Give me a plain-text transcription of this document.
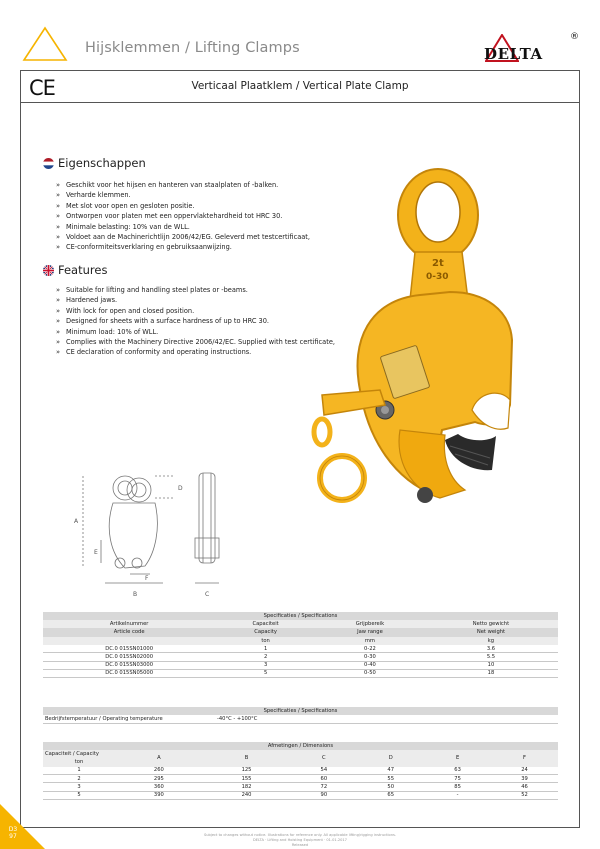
Hijsklemmen / Lifting Clamps	DELTA
®
CE	Verticaal Plaatklem / Vertical Plate Clamp
Eigenschappen
» Geschikt voor het hijsen en hanteren van staalplaten of -balken.
» Verharde klemmen.
» Met slot voor open en gesloten positie.
» Ontworpen voor platen met een oppervlaktehardheid tot HRC 30.
» Minimale belasting: 10% van de WLL.
» Voldoet aan de Machinerichtlijn 2006/42/EG. Geleverd met testcertificaat,
» CE-conformiteitsverklaring en gebruiksaanwijzing.
Features
» Suitable for lifting and handling steel plates or -beams.
» Hardened jaws.
» With lock for open and closed position.
» Designed for sheets with a surface hardness of up to HRC 30.
» Minimum load: 10% of WLL.
» Complies with the Machinery Directive 2006/42/EC. Supplied with test certificate,
» CE declaration of conformity and operating instructions.
2t
0-30
A
B	C
D
E
F
Specificaties / Specifications			
Artikelnummer	Capaciteit	Grijpbereik	Netto gewicht
Article code	Capacity	Jaw range	Net weight
	ton	mm	kg
DC.0 015SN01000	1	0-22	3.6
DC.0 015SN02000	2	0-30	5.5
DC.0 015SN03000	3	0-40	10
DC.0 015SN05000	5	0-50	18
Specificaties / Specifications
Bedrijfstemperatuur / Operating temperature	-40°C - +100°C	
Afmetingen / Dimensions						
Capaciteit / Capacity	A	B	C	D	E	F
ton						
1	260	125	54	47	63	24
2	295	155	60	55	75	39
3	360	182	72	50	85	46
5	390	240	90	65	-	52
Subject to changes without notice. Illustrations for reference only. All applicable lifting/rigging instructions.
DELTA · Lifting and Hoisting Equipment · 01.01.2017
Released
D3
97
